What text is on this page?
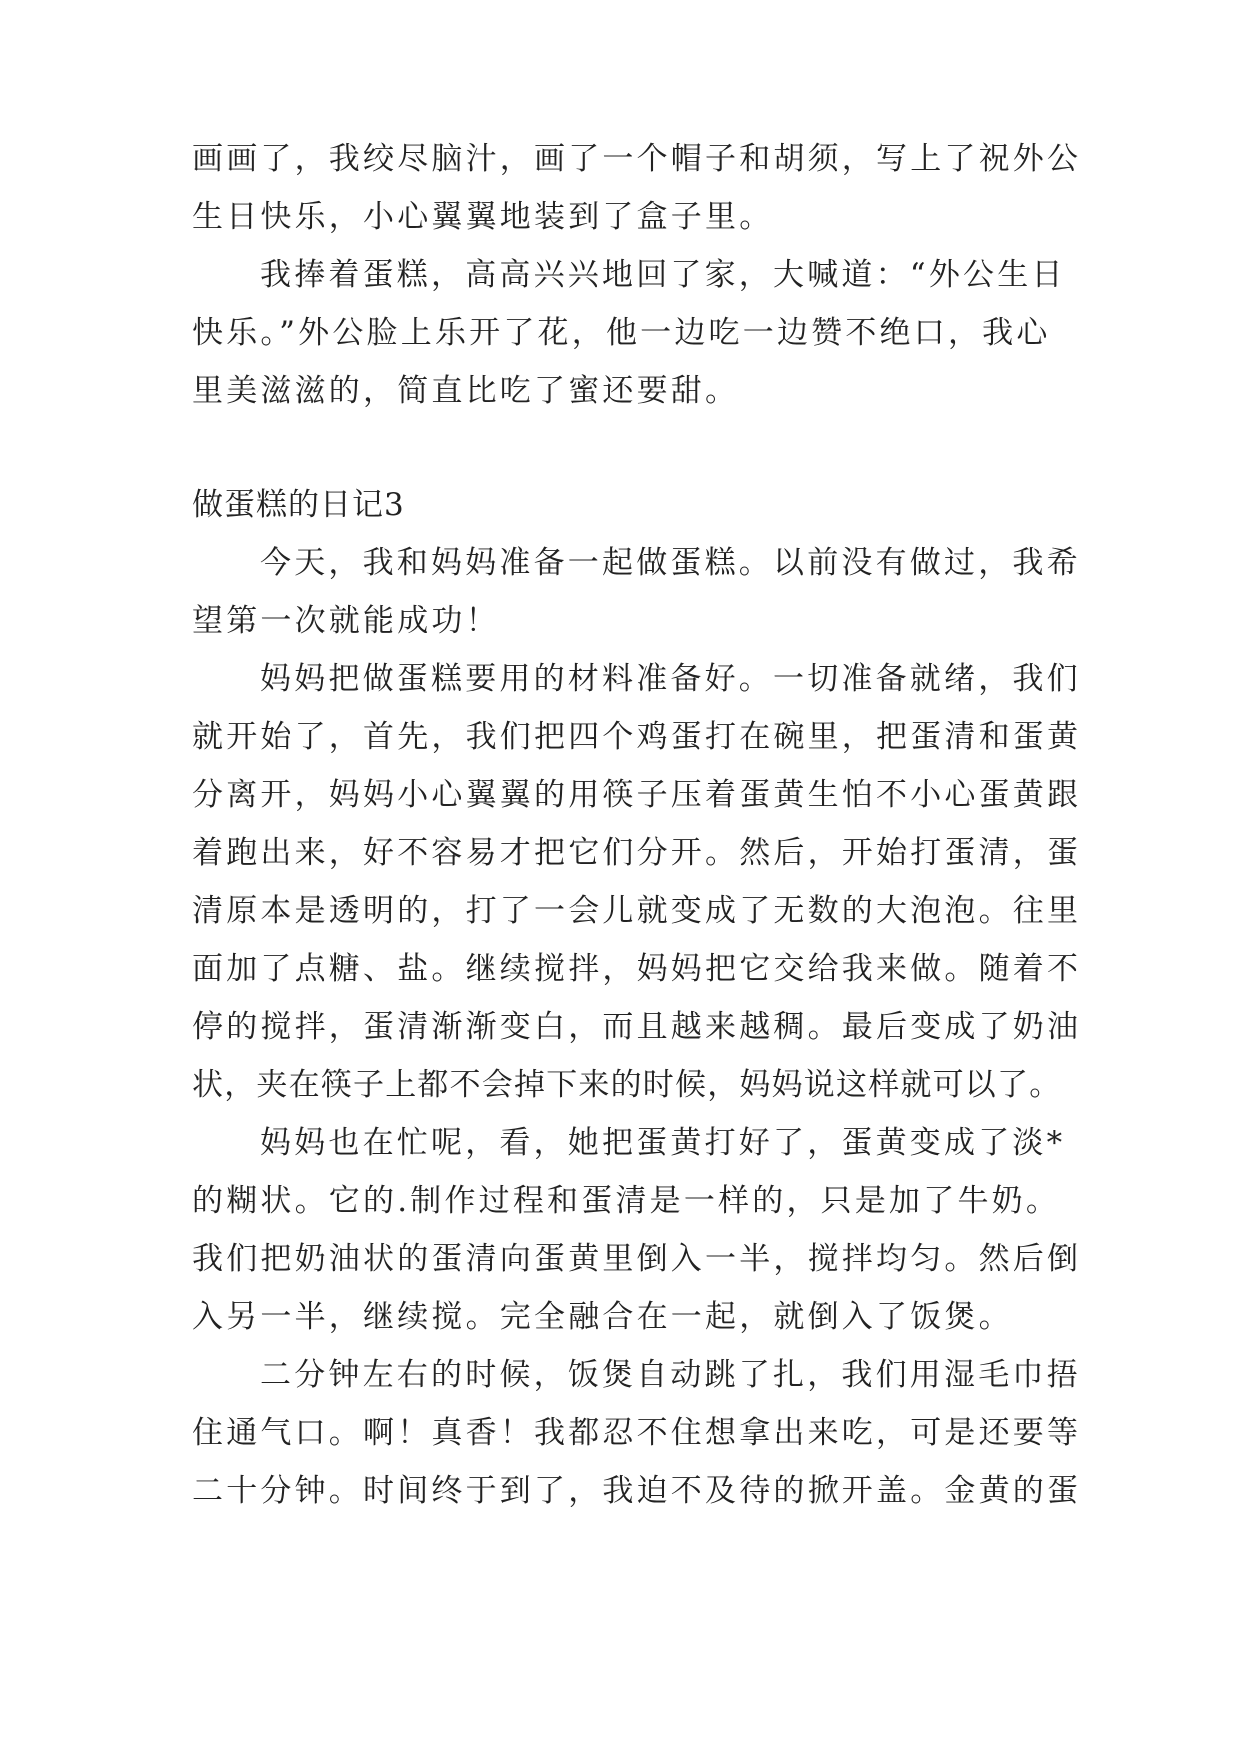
画画了，我绞尽脑汁，画了一个帽子和胡须，写上了祝外公
生日快乐，小心翼翼地装到了盒子里。
我捧着蛋糕，高高兴兴地回了家，大喊道：“外公生日
快乐。”外公脸上乐开了花，他一边吃一边赞不绝口，我心
里美滋滋的，简直比吃了蜜还要甜。
做蛋糕的日记3
今天，我和妈妈准备一起做蛋糕。以前没有做过，我希
望第一次就能成功！
妈妈把做蛋糕要用的材料准备好。一切准备就绪，我们
就开始了，首先，我们把四个鸡蛋打在碗里，把蛋清和蛋黄
分离开，妈妈小心翼翼的用筷子压着蛋黄生怕不小心蛋黄跟
着跑出来，好不容易才把它们分开。然后，开始打蛋清，蛋
清原本是透明的，打了一会儿就变成了无数的大泡泡。往里
面加了点糖、盐。继续搅拌，妈妈把它交给我来做。随着不
停的搅拌，蛋清渐渐变白，而且越来越稠。最后变成了奶油
状，夹在筷子上都不会掉下来的时候，妈妈说这样就可以了。
妈妈也在忙呢，看，她把蛋黄打好了，蛋黄变成了淡*
的糊状。它的.制作过程和蛋清是一样的，只是加了牛奶。
我们把奶油状的蛋清向蛋黄里倒入一半，搅拌均匀。然后倒
入另一半，继续搅。完全融合在一起，就倒入了饭煲。
二分钟左右的时候，饭煲自动跳了扎，我们用湿毛巾捂
住通气口。啊！真香！我都忍不住想拿出来吃，可是还要等
二十分钟。时间终于到了，我迫不及待的掀开盖。金黄的蛋
